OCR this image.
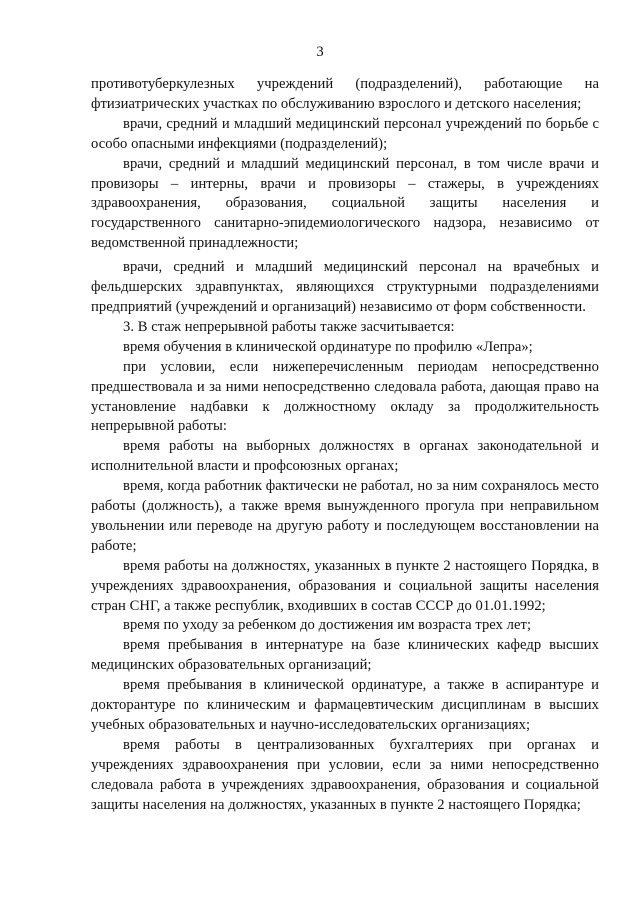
3

противотуберкулезных учреждений (подразделений), работающие на фтизиатрических участках по обслуживанию взрослого и детского населения;

врачи, средний и младший медицинский персонал учреждений по борьбе с особо опасными инфекциями (подразделений);

врачи, средний и младший медицинский персонал, в том числе врачи и провизоры – интерны, врачи и провизоры – стажеры, в учреждениях здравоохранения, образования, социальной защиты населения и государственного санитарно-эпидемиологического надзора, независимо от ведомственной принадлежности;

врачи, средний и младший медицинский персонал на врачебных и фельдшерских здравпунктах, являющихся структурными подразделениями предприятий (учреждений и организаций) независимо от форм собственности.

3. В стаж непрерывной работы также засчитывается:

время обучения в клинической ординатуре по профилю «Лепра»;

при условии, если нижеперечисленным периодам непосредственно предшествовала и за ними непосредственно следовала работа, дающая право на установление надбавки к должностному окладу за продолжительность непрерывной работы:

время работы на выборных должностях в органах законодательной и исполнительной власти и профсоюзных органах;

время, когда работник фактически не работал, но за ним сохранялось место работы (должность), а также время вынужденного прогула при неправильном увольнении или переводе на другую работу и последующем восстановлении на работе;

время работы на должностях, указанных в пункте 2 настоящего Порядка, в учреждениях здравоохранения, образования и социальной защиты населения стран СНГ, а также республик, входивших в состав СССР до 01.01.1992;

время по уходу за ребенком до достижения им возраста трех лет;

время пребывания в интернатуре на базе клинических кафедр высших медицинских образовательных организаций;

время пребывания в клинической ординатуре, а также в аспирантуре и докторантуре по клиническим и фармацевтическим дисциплинам в высших учебных образовательных и научно-исследовательских организациях;

время работы в централизованных бухгалтериях при органах и учреждениях здравоохранения при условии, если за ними непосредственно следовала работа в учреждениях здравоохранения, образования и социальной защиты населения на должностях, указанных в пункте 2 настоящего Порядка;
